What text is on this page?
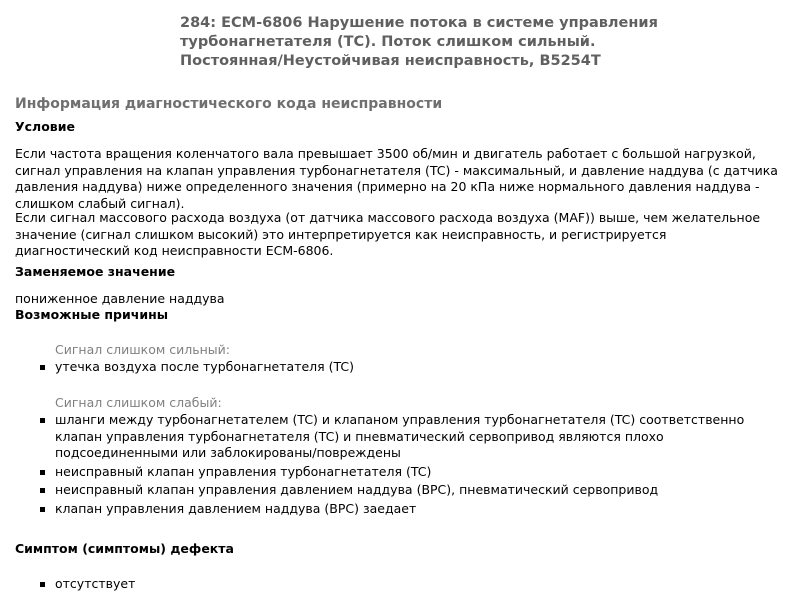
284: ECM-6806 Нарушение потока в системе управления турбонагнетателя (TC). Поток слишком сильный. Постоянная/Неустойчивая неисправность, B5254T
Информация диагностического кода неисправности
Условие

Если частота вращения коленчатого вала превышает 3500 об/мин и двигатель работает с большой нагрузкой, сигнал управления на клапан управления турбонагнетателя (TC) - максимальный, и давление наддува (с датчика давления наддува) ниже определенного значения (примерно на 20 кПа ниже нормального давления наддува - слишком слабый сигнал).

Если сигнал массового расхода воздуха (от датчика массового расхода воздуха (MAF)) выше, чем желательное значение (сигнал слишком высокий) это интерпретируется как неисправность, и регистрируется диагностический код неисправности ECM-6806.

Заменяемое значение

пониженное давление наддува

Возможные причины

Сигнал слишком сильный:

утечка воздуха после турбонагнетателя (TC)

Сигнал слишком слабый:

шланги между турбонагнетателем (TC) и клапаном управления турбонагнетателя (TC) соответственно клапан управления турбонагнетателя (TC) и пневматический сервопривод являются плохо подсоединенными или заблокированы/повреждены
неисправный клапан управления турбонагнетателя (TC)
неисправный клапан управления давлением наддува (BPC), пневматический сервопривод
клапан управления давлением наддува (BPC) заедает
Симптом (симптомы) дефекта
отсутствует
